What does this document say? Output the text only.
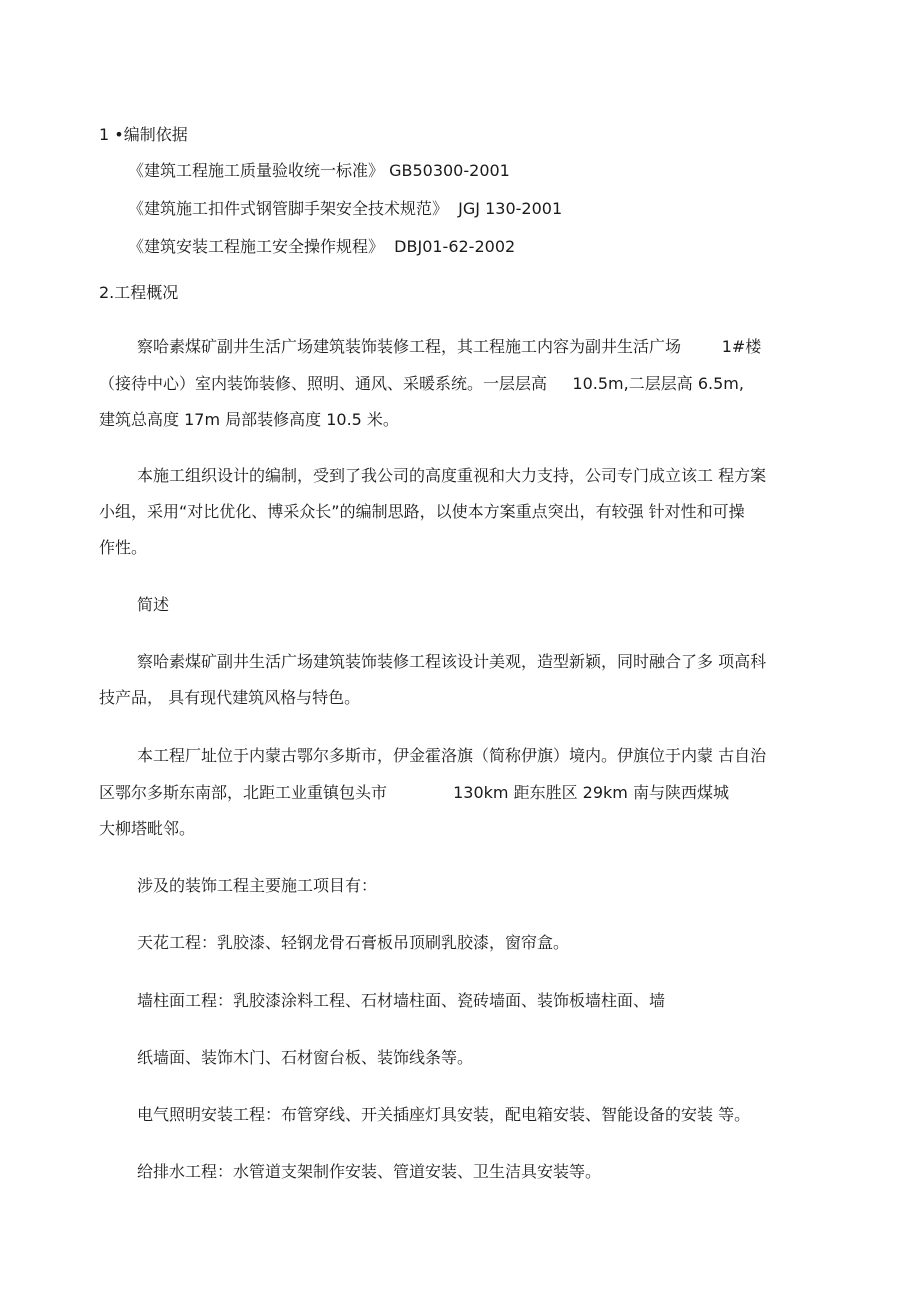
1 •编制依据

《建筑工程施工质量验收统一标准》 GB50300-2001

《建筑施工扣件式钢管脚手架安全技术规范》  JGJ 130-2001

《建筑安装工程施工安全操作规程》  DBJ01-62-2002

2.工程概况

察哈素煤矿副井生活广场建筑装饰装修工程，其工程施工内容为副井生活广场        1#楼

（接待中心）室内装饰装修、照明、通风、采暖系统。一层层高     10.5m,二层层高 6.5m,

建筑总高度 17m 局部装修高度 10.5 米。

本施工组织设计的编制，受到了我公司的高度重视和大力支持，公司专门成立该工 程方案

小组，采用“对比优化、博采众长”的编制思路，以使本方案重点突出，有较强 针对性和可操

作性。

简述

察哈素煤矿副井生活广场建筑装饰装修工程该设计美观，造型新颖，同时融合了多 项高科

技产品， 具有现代建筑风格与特色。

本工程厂址位于内蒙古鄂尔多斯市，伊金霍洛旗（简称伊旗）境内。伊旗位于内蒙 古自治

区鄂尔多斯东南部，北距工业重镇包头市             130km 距东胜区 29km 南与陕西煤城

大柳塔毗邻。

涉及的装饰工程主要施工项目有：

天花工程：乳胶漆、轻钢龙骨石膏板吊顶刷乳胶漆，窗帘盒。

墙柱面工程：乳胶漆涂料工程、石材墙柱面、瓷砖墙面、装饰板墙柱面、墙

纸墙面、装饰木门、石材窗台板、装饰线条等。

电气照明安装工程：布管穿线、开关插座灯具安装，配电箱安装、智能设备的安装 等。

给排水工程：水管道支架制作安装、管道安装、卫生洁具安装等。
